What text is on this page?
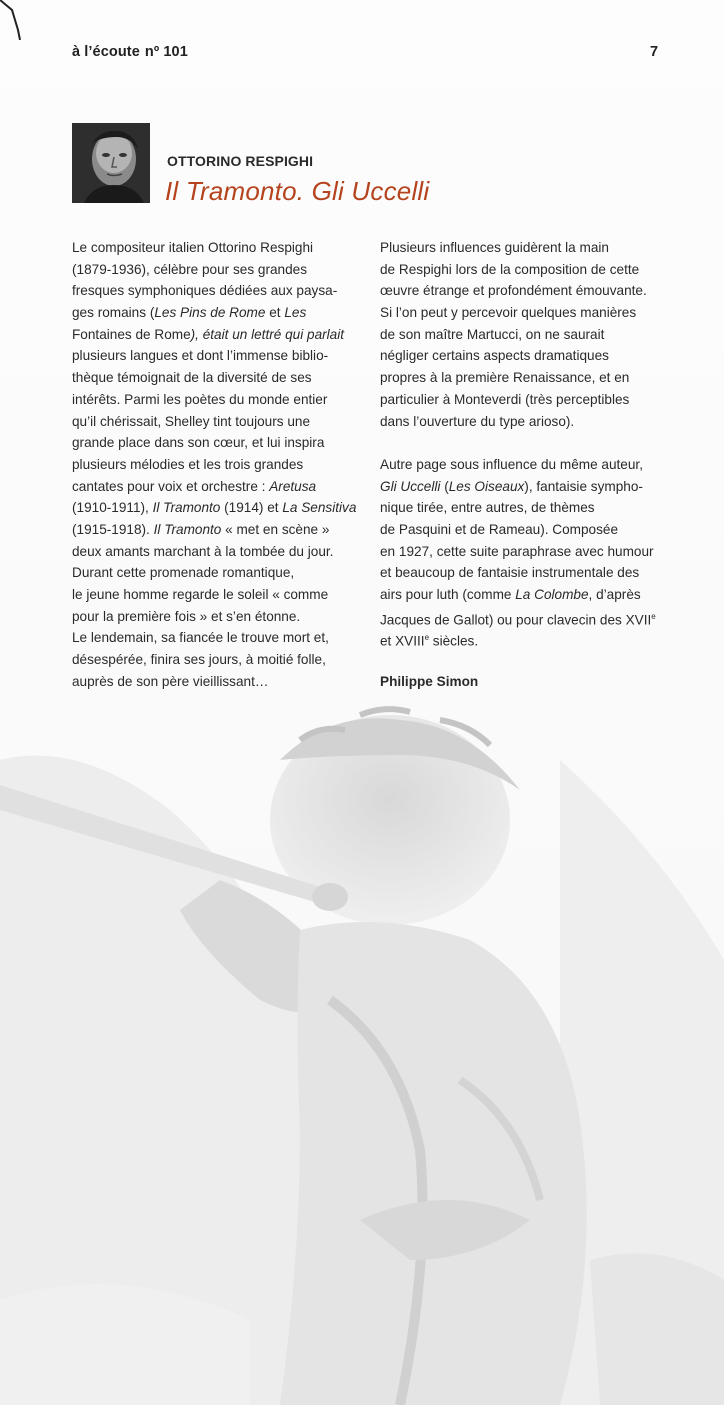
à l’écoute nº 101	7
OTTORINO RESPIGHI
Il Tramonto. Gli Uccelli
Le compositeur italien Ottorino Respighi
(1879-1936), célèbre pour ses grandes
fresques symphoniques dédiées aux paysa-
ges romains (Les Pins de Rome et Les
Fontaines de Rome), était un lettré qui parlait
plusieurs langues et dont l’immense biblio-
thèque témoignait de la diversité de ses
intérêts. Parmi les poètes du monde entier
qu’il chérissait, Shelley tint toujours une
grande place dans son cœur, et lui inspira
plusieurs mélodies et les trois grandes
cantates pour voix et orchestre : Aretusa
(1910-1911), Il Tramonto (1914) et La Sensitiva
(1915-1918). Il Tramonto « met en scène »
deux amants marchant à la tombée du jour.
Durant cette promenade romantique,
le jeune homme regarde le soleil « comme
pour la première fois » et s’en étonne.
Le lendemain, sa fiancée le trouve mort et,
désespérée, finira ses jours, à moitié folle,
auprès de son père vieillissant…
Plusieurs influences guidèrent la main
de Respighi lors de la composition de cette
œuvre étrange et profondément émouvante.
Si l’on peut y percevoir quelques manières
de son maître Martucci, on ne saurait
négliger certains aspects dramatiques
propres à la première Renaissance, et en
particulier à Monteverdi (très perceptibles
dans l’ouverture du type arioso).
Autre page sous influence du même auteur,
Gli Uccelli (Les Oiseaux), fantaisie sympho-
nique tirée, entre autres, de thèmes
de Pasquini et de Rameau). Composée
en 1927, cette suite paraphrase avec humour
et beaucoup de fantaisie instrumentale des
airs pour luth (comme La Colombe, d’après
Jacques de Gallot) ou pour clavecin des XVIIe
et XVIIIe siècles.
Philippe Simon
